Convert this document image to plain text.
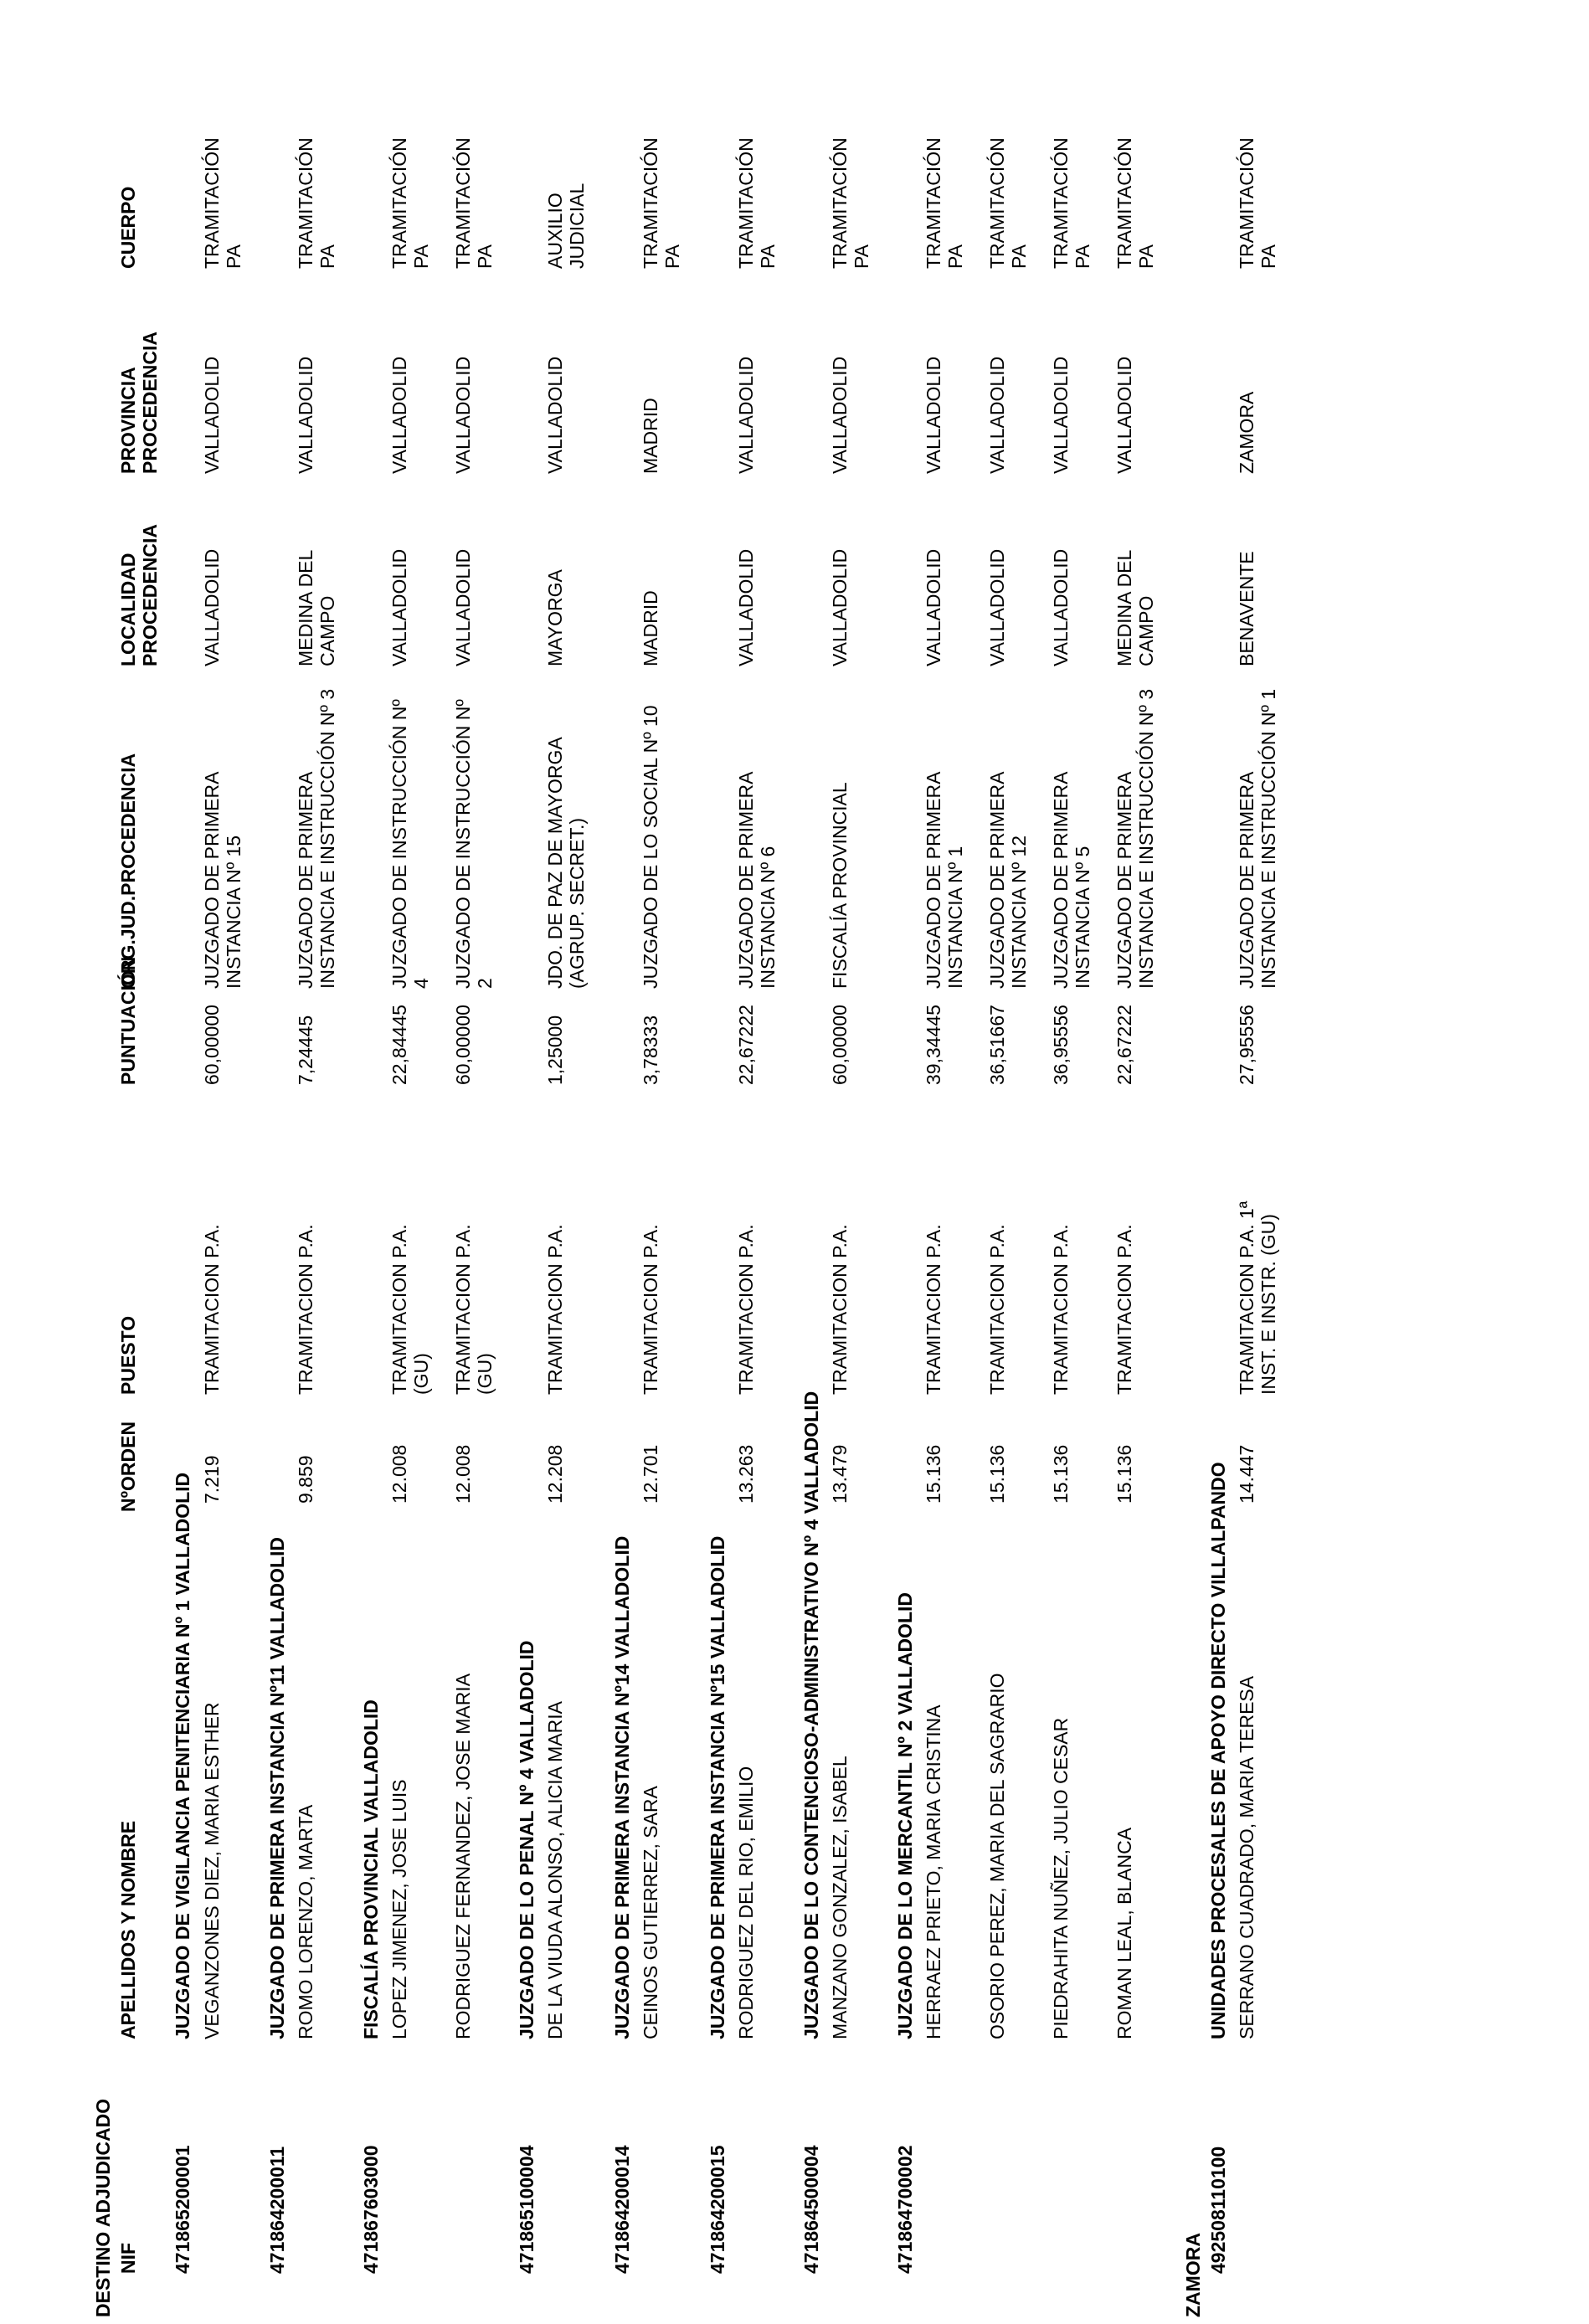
DESTINO ADJUDICADO NIF
APELLIDOS Y NOMBRE
NºORDEN
PUESTO
PUNTUACIÓN
ORG.JUD.PROCEDENCIA
LOCALIDAD
PROCEDENCIA
PROVINCIA
PROCEDENCIA
CUERPO
471865200001
JUZGADO DE VIGILANCIA PENITENCIARIA Nº 1 VALLADOLID VEGANZONES DIEZ, MARIA ESTHER
7.219
TRAMITACION P.A.
60,00000
JUZGADO DE PRIMERA
INSTANCIA Nº 15
VALLADOLID
VALLADOLID
TRAMITACIÓN
PA
471864200011
JUZGADO DE PRIMERA INSTANCIA Nº11 VALLADOLID ROMO LORENZO, MARTA
9.859
TRAMITACION P.A.
7,24445
JUZGADO DE PRIMERA
INSTANCIA E INSTRUCCIÓN Nº 3
MEDINA DEL
CAMPO
VALLADOLID
TRAMITACIÓN
PA
471867603000
FISCALÍA PROVINCIAL VALLADOLID LOPEZ JIMENEZ, JOSE LUIS
12.008
TRAMITACION P.A.
(GU)
22,84445
JUZGADO DE INSTRUCCIÓN Nº
4
VALLADOLID
VALLADOLID
TRAMITACIÓN
PA
RODRIGUEZ FERNANDEZ, JOSE MARIA
12.008
TRAMITACION P.A.
(GU)
60,00000
JUZGADO DE INSTRUCCIÓN Nº
2
VALLADOLID
VALLADOLID
TRAMITACIÓN
PA
471865100004
JUZGADO DE LO PENAL Nº 4 VALLADOLID DE LA VIUDA ALONSO, ALICIA MARIA
12.208
TRAMITACION P.A.
1,25000
JDO. DE PAZ DE MAYORGA
(AGRUP. SECRET.)
MAYORGA
VALLADOLID
AUXILIO
JUDICIAL
471864200014
JUZGADO DE PRIMERA INSTANCIA Nº14 VALLADOLID CEINOS GUTIERREZ, SARA
12.701
TRAMITACION P.A.
3,78333
JUZGADO DE LO SOCIAL Nº 10
MADRID
MADRID
TRAMITACIÓN
PA
471864200015
JUZGADO DE PRIMERA INSTANCIA Nº15 VALLADOLID RODRIGUEZ DEL RIO, EMILIO
13.263
TRAMITACION P.A.
22,67222
JUZGADO DE PRIMERA
INSTANCIA Nº 6
VALLADOLID
VALLADOLID
TRAMITACIÓN
PA
471864500004
JUZGADO DE LO CONTENCIOSO-ADMINISTRATIVO Nº 4 VALLADOLID MANZANO GONZALEZ, ISABEL
13.479
TRAMITACION P.A.
60,00000
FISCALÍA PROVINCIAL
VALLADOLID
VALLADOLID
TRAMITACIÓN
PA
471864700002
JUZGADO DE LO MERCANTIL Nº 2 VALLADOLID HERRAEZ PRIETO, MARIA CRISTINA
15.136
TRAMITACION P.A.
39,34445
JUZGADO DE PRIMERA
INSTANCIA Nº 1
VALLADOLID
VALLADOLID
TRAMITACIÓN
PA
OSORIO PEREZ, MARIA DEL SAGRARIO
15.136
TRAMITACION P.A.
36,51667
JUZGADO DE PRIMERA
INSTANCIA Nº 12
VALLADOLID
VALLADOLID
TRAMITACIÓN
PA
PIEDRAHITA NUÑEZ, JULIO CESAR
15.136
TRAMITACION P.A.
36,95556
JUZGADO DE PRIMERA
INSTANCIA Nº 5
VALLADOLID
VALLADOLID
TRAMITACIÓN
PA
ROMAN LEAL, BLANCA
15.136
TRAMITACION P.A.
22,67222
JUZGADO DE PRIMERA
INSTANCIA E INSTRUCCIÓN Nº 3
MEDINA DEL
CAMPO
VALLADOLID
TRAMITACIÓN
PA
ZAMORA
492508110100
UNIDADES PROCESALES DE APOYO DIRECTO VILLALPANDO SERRANO CUADRADO, MARIA TERESA
14.447
TRAMITACION P.A. 1ª
INST. E INSTR. (GU)
27,95556
JUZGADO DE PRIMERA
INSTANCIA E INSTRUCCIÓN Nº 1
BENAVENTE
ZAMORA
TRAMITACIÓN
PA
